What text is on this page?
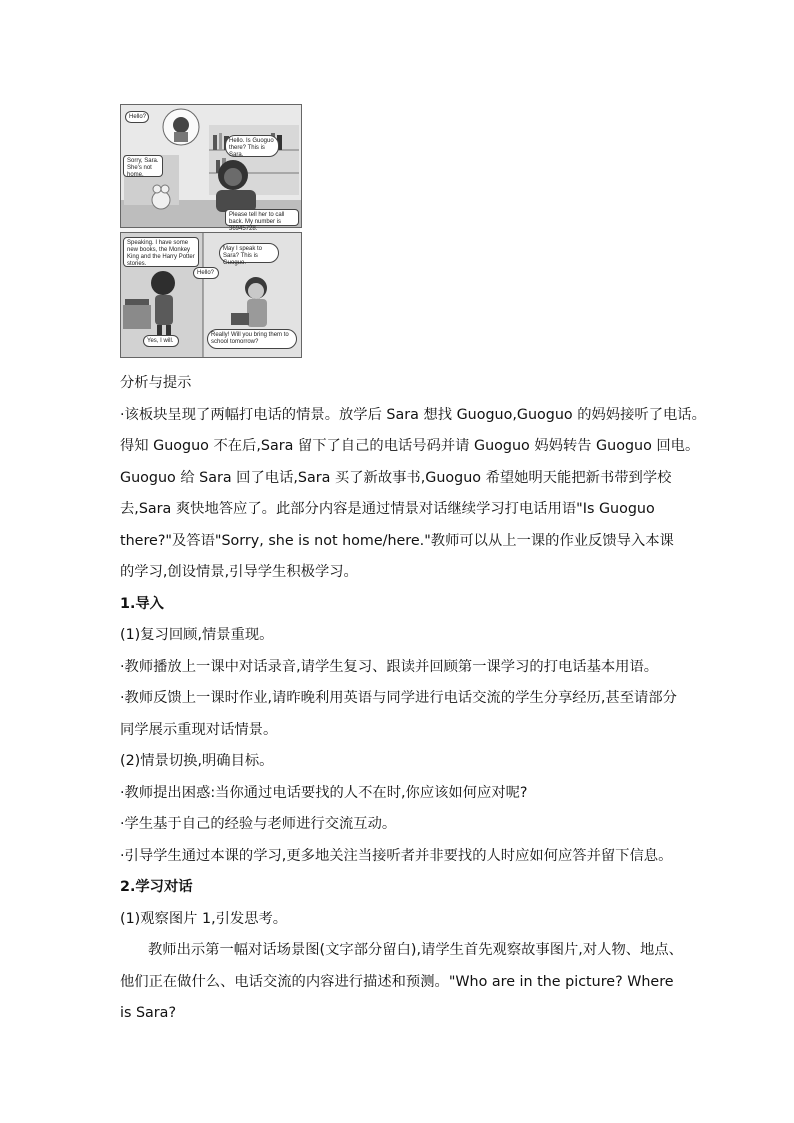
Hello?
Sorry, Sara. She's not home.
Hello. Is Guoguo there? This is Sara.
Please tell her to call back. My number is 36945728.
Speaking. I have some new books, the Monkey King and the Harry Potter stories.
Hello?
May I speak to Sara? This is Guoguo.
Yes, I will.
Really! Will you bring them to school tomorrow?

分析与提示

·该板块呈现了两幅打电话的情景。放学后 Sara 想找 Guoguo,Guoguo 的妈妈接听了电话。

得知 Guoguo 不在后,Sara 留下了自己的电话号码并请 Guoguo 妈妈转告 Guoguo 回电。

Guoguo 给 Sara 回了电话,Sara 买了新故事书,Guoguo 希望她明天能把新书带到学校

去,Sara 爽快地答应了。此部分内容是通过情景对话继续学习打电话用语"Is Guoguo

there?"及答语"Sorry, she is not home/here."教师可以从上一课的作业反馈导入本课

的学习,创设情景,引导学生积极学习。

1.导入

(1)复习回顾,情景重现。

·教师播放上一课中对话录音,请学生复习、跟读并回顾第一课学习的打电话基本用语。

·教师反馈上一课时作业,请昨晚利用英语与同学进行电话交流的学生分享经历,甚至请部分

同学展示重现对话情景。

(2)情景切换,明确目标。

·教师提出困惑:当你通过电话要找的人不在时,你应该如何应对呢?

·学生基于自己的经验与老师进行交流互动。

·引导学生通过本课的学习,更多地关注当接听者并非要找的人时应如何应答并留下信息。

2.学习对话

(1)观察图片 1,引发思考。

教师出示第一幅对话场景图(文字部分留白),请学生首先观察故事图片,对人物、地点、

他们正在做什么、电话交流的内容进行描述和预测。"Who are in the picture? Where

is Sara?
